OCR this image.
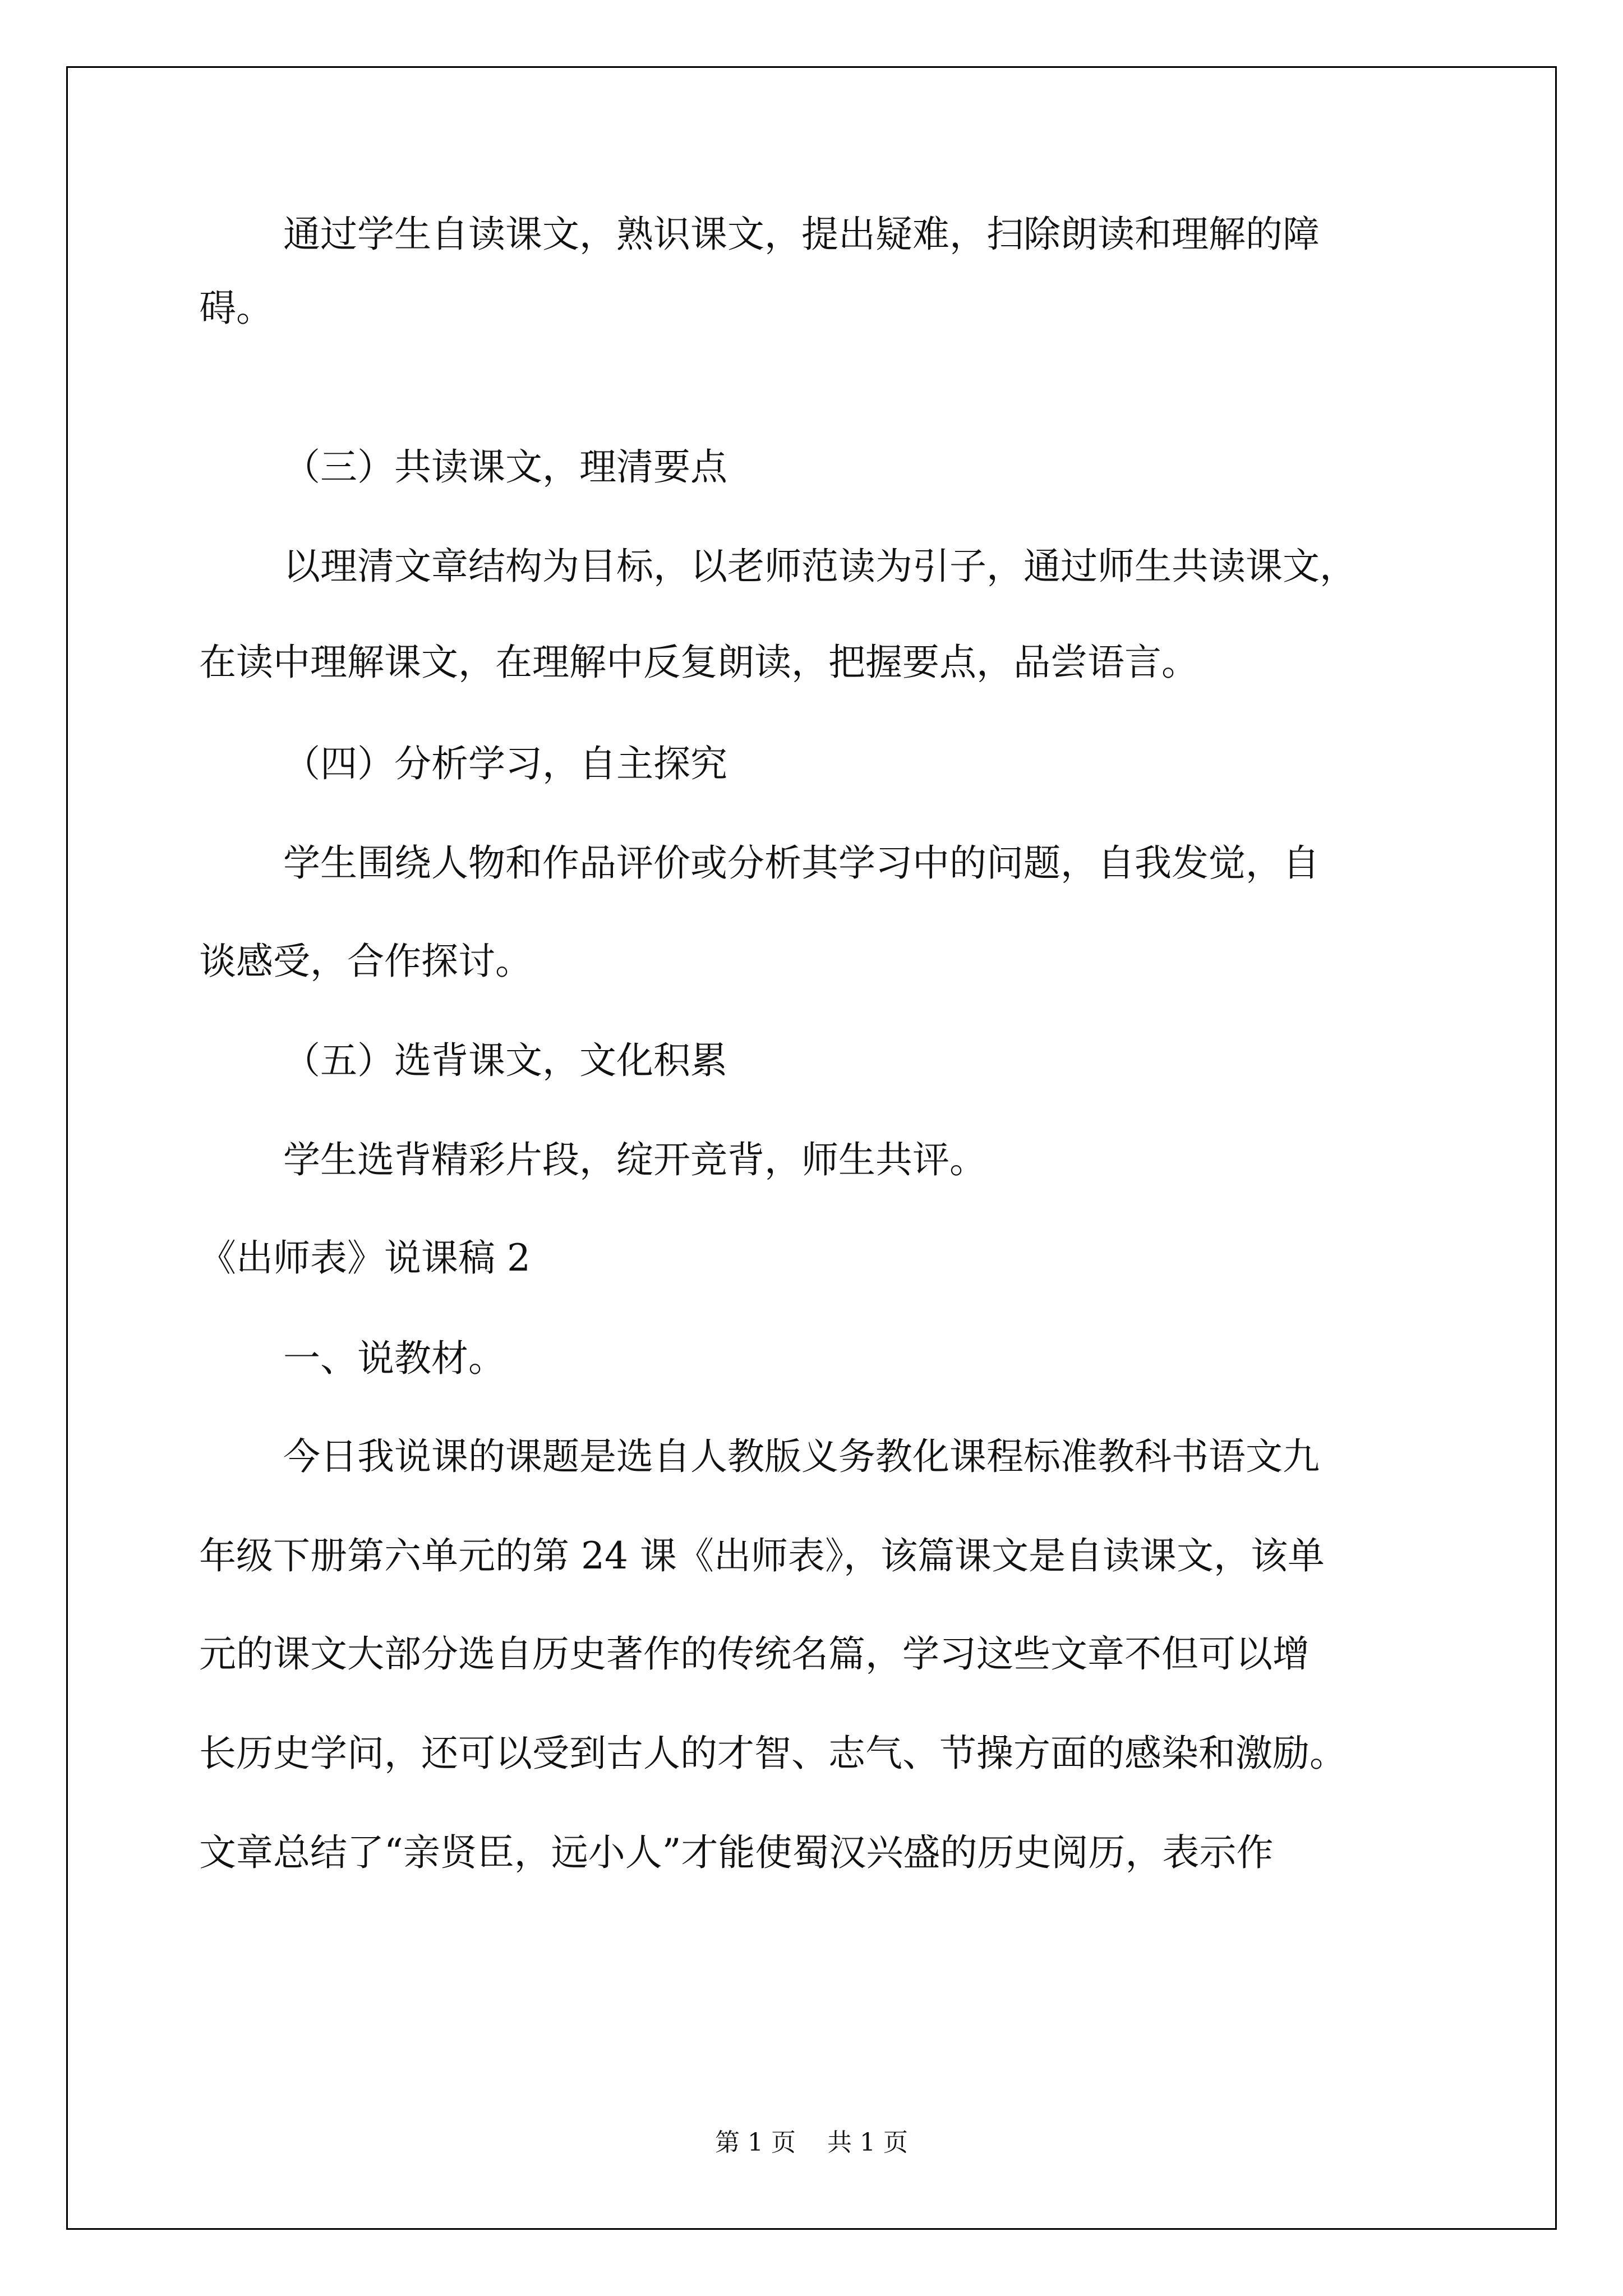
通过学生自读课文，熟识课文，提出疑难，扫除朗读和理解的障
碍。
（三）共读课文，理清要点
以理清文章结构为目标，以老师范读为引子，通过师生共读课文，
在读中理解课文，在理解中反复朗读，把握要点，品尝语言。
（四）分析学习，自主探究
学生围绕人物和作品评价或分析其学习中的问题，自我发觉，自
谈感受，合作探讨。
（五）选背课文，文化积累
学生选背精彩片段，绽开竞背，师生共评。
《出师表》说课稿 2
一、说教材。
今日我说课的课题是选自人教版义务教化课程标准教科书语文九
年级下册第六单元的第 24 课《出师表》，该篇课文是自读课文，该单
元的课文大部分选自历史著作的传统名篇，学习这些文章不但可以增
长历史学问，还可以受到古人的才智、志气、节操方面的感染和激励。
文章总结了“亲贤臣，远小人”才能使蜀汉兴盛的历史阅历，表示作
第 1 页 共 1 页
